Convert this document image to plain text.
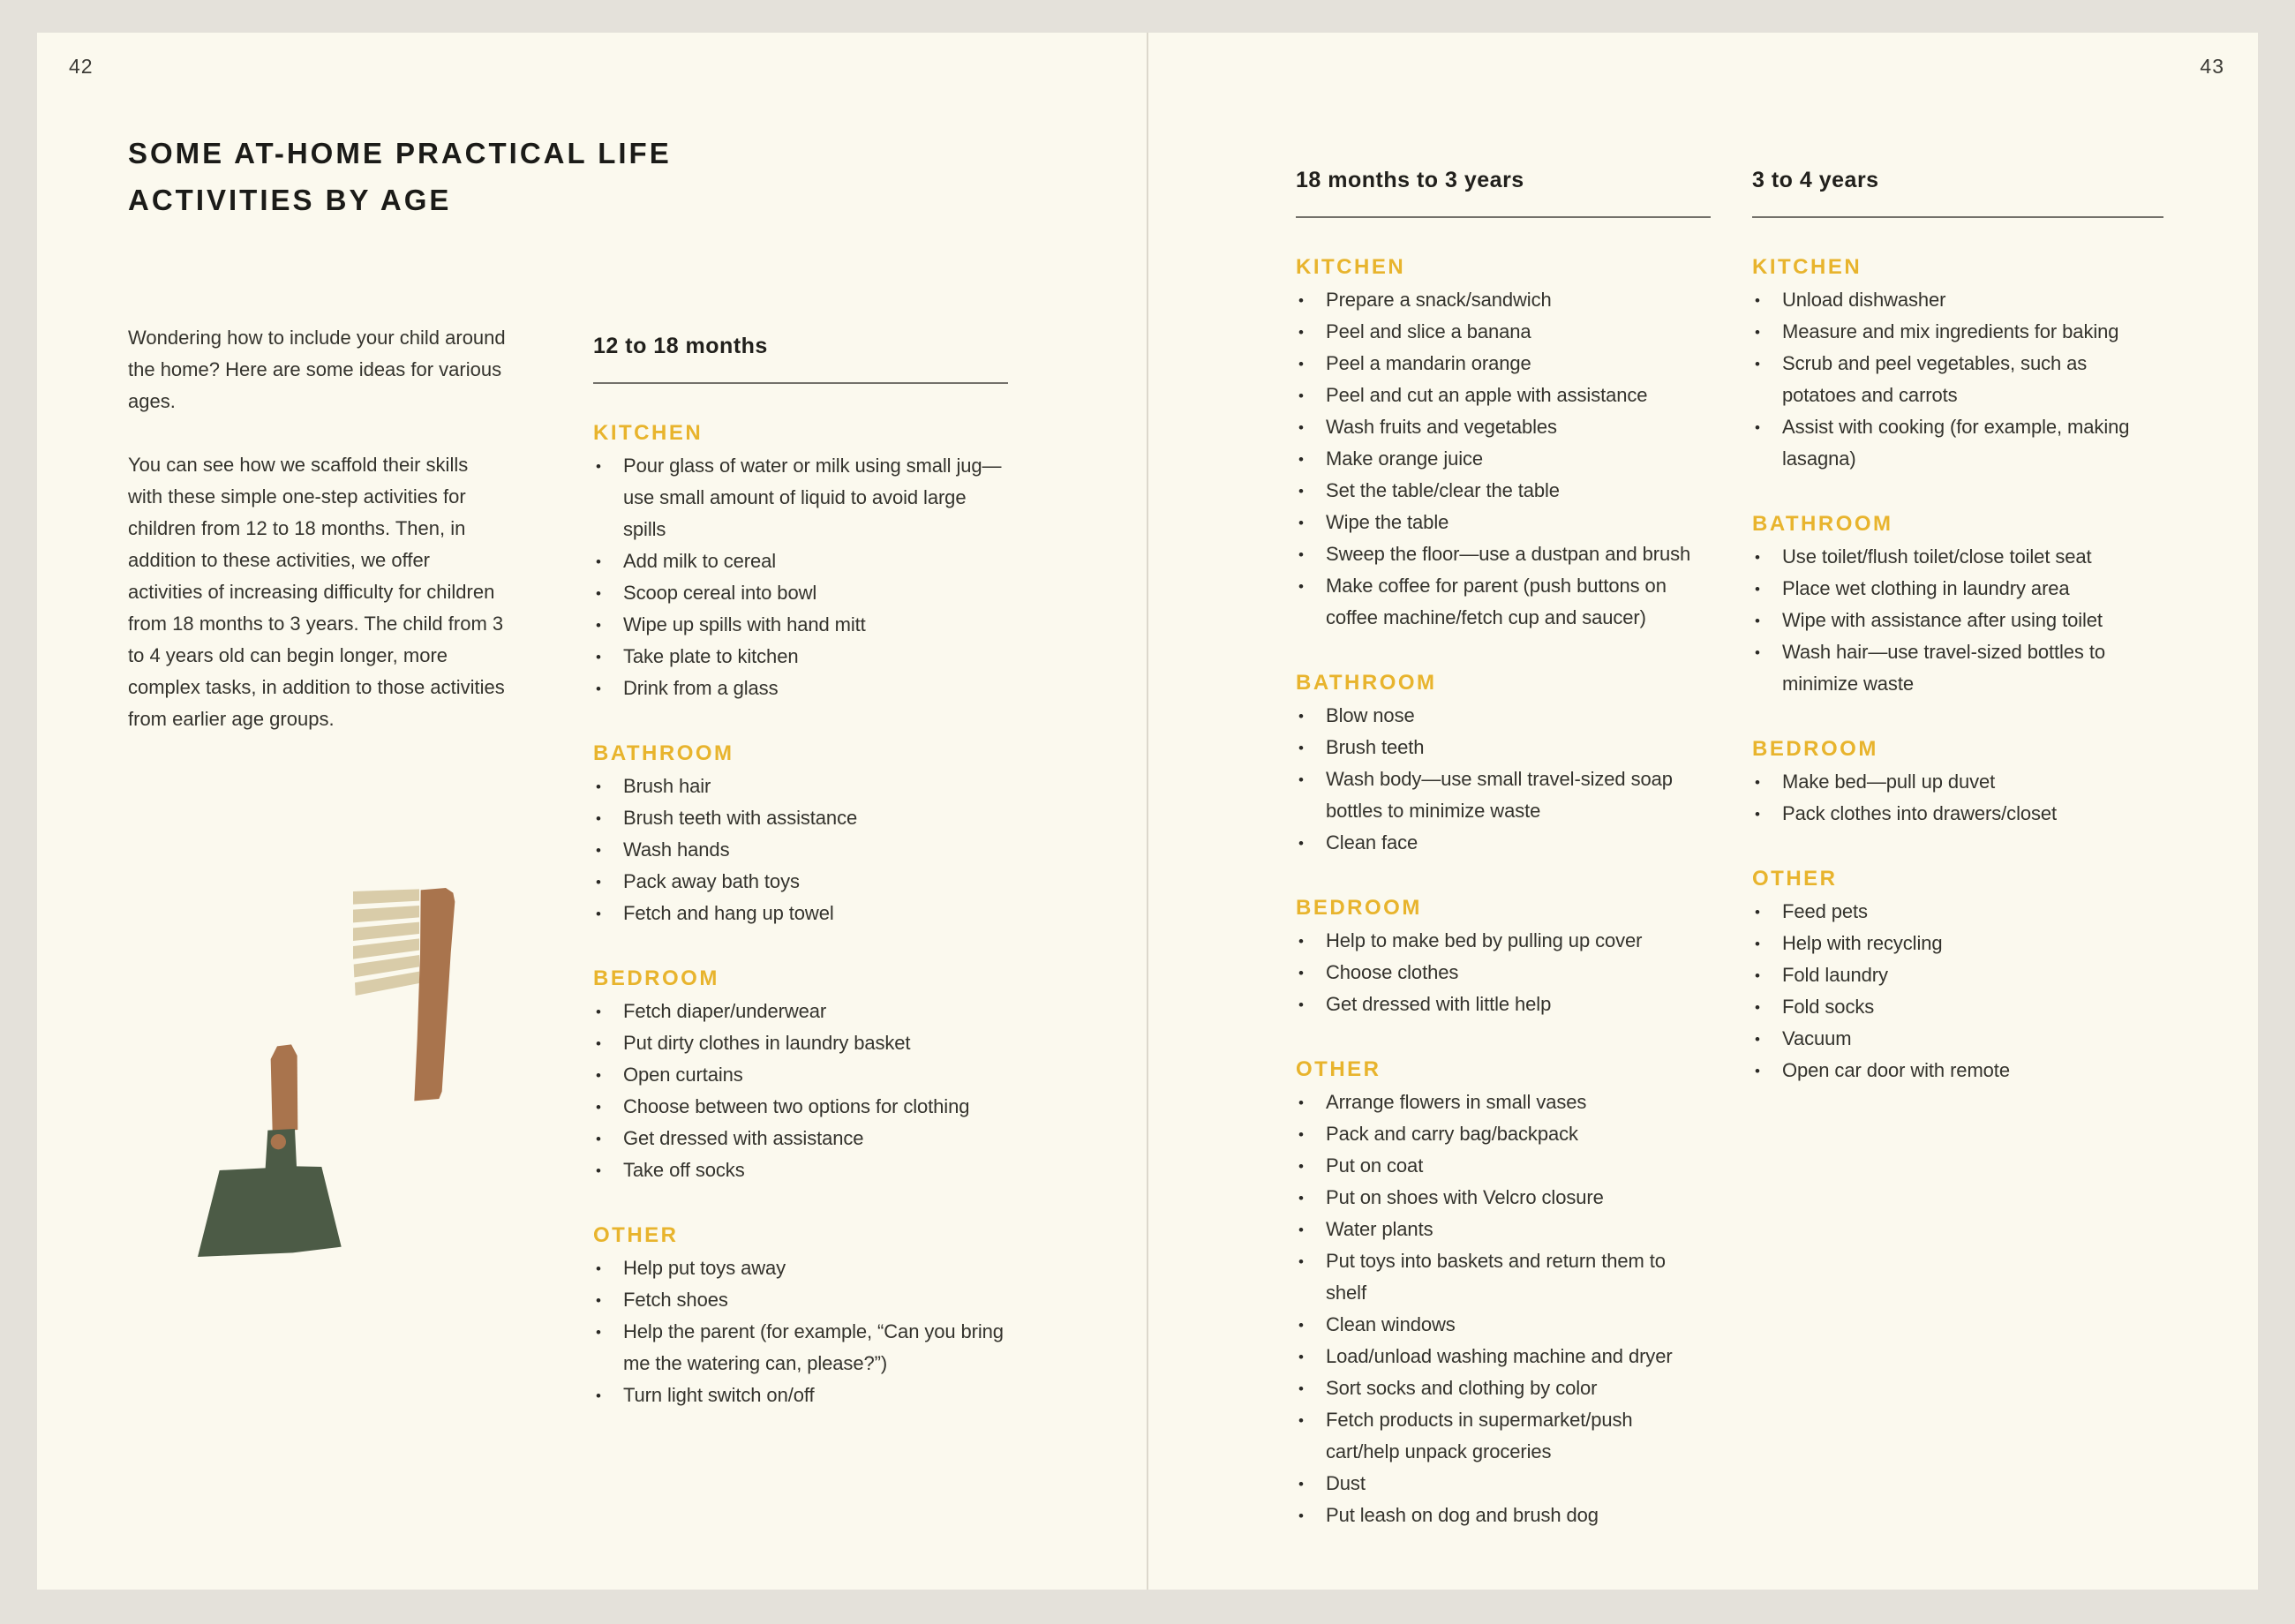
42	43
SOME AT-HOME PRACTICAL LIFE
ACTIVITIES BY AGE

Wondering how to include your child around the home? Here are some ideas for various ages.

You can see how we scaffold their skills with these simple one-step activities for children from 12 to 18 months. Then, in addition to these activities, we offer activities of increasing difficulty for children from 18 months to 3 years. The child from 3 to 4 years old can begin longer, more complex tasks, in addition to those activities from earlier age groups.

12 to 18 months
KITCHEN
• Pour glass of water or milk using small jug—use small amount of liquid to avoid large spills
• Add milk to cereal
• Scoop cereal into bowl
• Wipe up spills with hand mitt
• Take plate to kitchen
• Drink from a glass
BATHROOM
• Brush hair
• Brush teeth with assistance
• Wash hands
• Pack away bath toys
• Fetch and hang up towel
BEDROOM
• Fetch diaper/underwear
• Put dirty clothes in laundry basket
• Open curtains
• Choose between two options for clothing
• Get dressed with assistance
• Take off socks
OTHER
• Help put toys away
• Fetch shoes
• Help the parent (for example, “Can you bring me the watering can, please?”)
• Turn light switch on/off
18 months to 3 years
KITCHEN
• Prepare a snack/sandwich
• Peel and slice a banana
• Peel a mandarin orange
• Peel and cut an apple with assistance
• Wash fruits and vegetables
• Make orange juice
• Set the table/clear the table
• Wipe the table
• Sweep the floor—use a dustpan and brush
• Make coffee for parent (push buttons on coffee machine/fetch cup and saucer)
BATHROOM
• Blow nose
• Brush teeth
• Wash body—use small travel-sized soap bottles to minimize waste
• Clean face
BEDROOM
• Help to make bed by pulling up cover
• Choose clothes
• Get dressed with little help
OTHER
• Arrange flowers in small vases
• Pack and carry bag/backpack
• Put on coat
• Put on shoes with Velcro closure
• Water plants
• Put toys into baskets and return them to shelf
• Clean windows
• Load/unload washing machine and dryer
• Sort socks and clothing by color
• Fetch products in supermarket/push cart/help unpack groceries
• Dust
• Put leash on dog and brush dog
3 to 4 years
KITCHEN
• Unload dishwasher
• Measure and mix ingredients for baking
• Scrub and peel vegetables, such as potatoes and carrots
• Assist with cooking (for example, making lasagna)
BATHROOM
• Use toilet/flush toilet/close toilet seat
• Place wet clothing in laundry area
• Wipe with assistance after using toilet
• Wash hair—use travel-sized bottles to minimize waste
BEDROOM
• Make bed—pull up duvet
• Pack clothes into drawers/closet
OTHER
• Feed pets
• Help with recycling
• Fold laundry
• Fold socks
• Vacuum
• Open car door with remote
